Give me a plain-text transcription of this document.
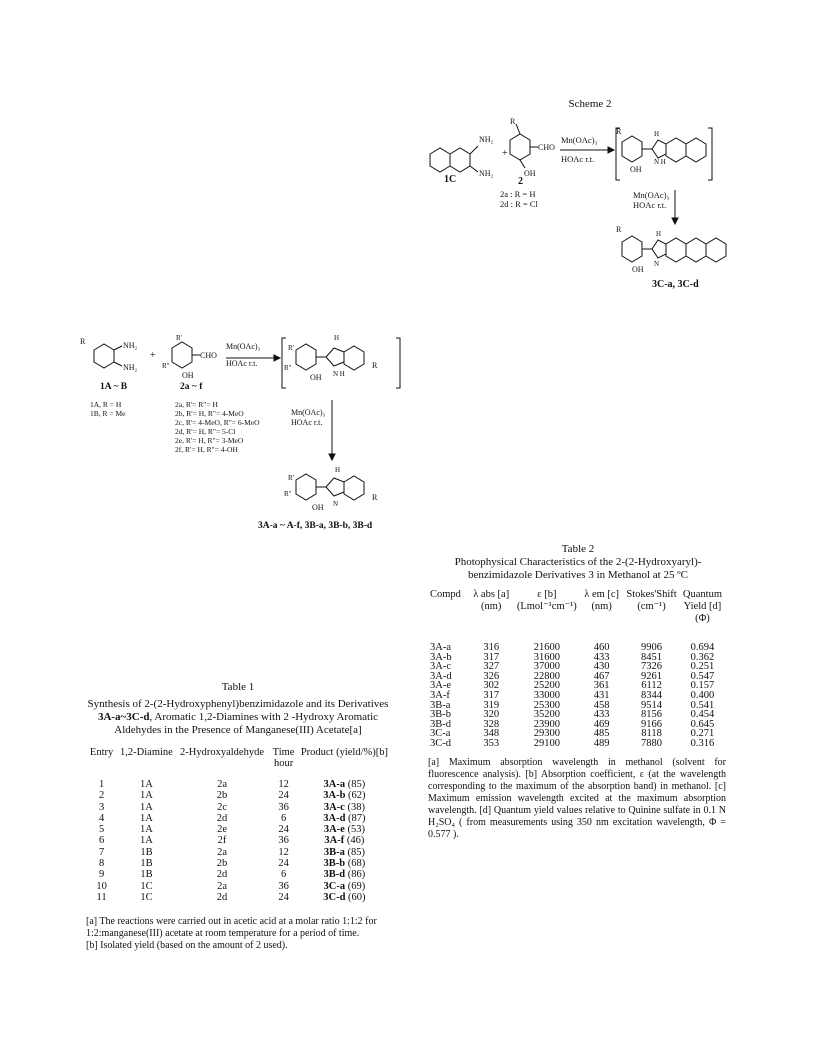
Scheme 2
NH₂
NH₂
+
R
CHO
OH
R
OH
H
N H
R
OH
H
N
1C	2
2a : R = H
2d : R = Cl
Mn(OAc)₃
HOAc r.t.
Mn(OAc)₃
HOAc r.t.
3C-a, 3C-d
R	NH₂
NH₂
+
R'
R"
CHO
OH
R'
R"
OH
H
N H
R
R'
R"
OH
H
N
R
1A ~ B	2a ~ f
Mn(OAc)₃
HOAc r.t.
Mn(OAc)₃
HOAc r.t.
1A, R = H
1B, R = Me
2a, R'= R"= H
2b, R'= H, R"= 4-MeO
2c, R'= 4-MeO, R"= 6-MeO
2d, R'= H, R"= 5-Cl
2e, R'= H, R"= 3-MeO
2f, R'= H, R"= 4-OH
3A-a ~ A-f, 3B-a, 3B-b, 3B-d
Table 1
Synthesis of 2-(2-Hydroxyphenyl)benzimidazole and its Derivatives
3A-a~3C-d, Aromatic 1,2-Diamines with 2 -Hydroxy Aromatic
Aldehydes in the Presence of Manganese(III) Acetate[a]
Entry	1,2-Diamine	2-Hydroxyaldehyde	Time hour	Product (yield/%)[b]
1	1A	2a	12	3A-a (85)
2	1A	2b	24	3A-b (62)
3	1A	2c	36	3A-c (38)
4	1A	2d	6	3A-d (87)
5	1A	2e	24	3A-e (53)
6	1A	2f	36	3A-f (46)
7	1B	2a	12	3B-a (85)
8	1B	2b	24	3B-b (68)
9	1B	2d	6	3B-d (86)
10	1C	2a	36	3C-a (69)
11	1C	2d	24	3C-d (60)
[a] The reactions were carried out in acetic acid at a molar ratio 1:1:2 for 1:2:manganese(III) acetate at room temperature for a period of time.
[b] Isolated yield (based on the amount of 2 used).
Table 2
Photophysical Characteristics of the 2-(2-Hydroxyaryl)-
benzimidazole Derivatives 3 in Methanol at 25 ºC
Compd	λ abs [a] (nm)	ε [b] (Lmol⁻¹cm⁻¹)	λ em [c] (nm)	Stokes'Shift (cm⁻¹)	Quantum Yield [d] (Φ)
3A-a	316	21600	460	9906	0.694
3A-b	317	31600	433	8451	0.362
3A-c	327	37000	430	7326	0.251
3A-d	326	22800	467	9261	0.547
3A-e	302	25200	361	6112	0.157
3A-f	317	33000	431	8344	0.400
3B-a	319	25300	458	9514	0.541
3B-b	320	35200	433	8156	0.454
3B-d	328	23900	469	9166	0.645
3C-a	348	29300	485	8118	0.271
3C-d	353	29100	489	7880	0.316
[a] Maximum absorption wavelength in methanol (solvent for fluorescence analysis). [b] Absorption coefficient, ε (at the wavelength corresponding to the maximum of the absorption band) in methanol. [c] Maximum emission wavelength excited at the maximum absorption wavelength. [d] Quantum yield values relative to Quinine sulfate in 0.1 N H₂SO₄ ( from measurements using 350 nm excitation wavelength, Φ = 0.577 ).
